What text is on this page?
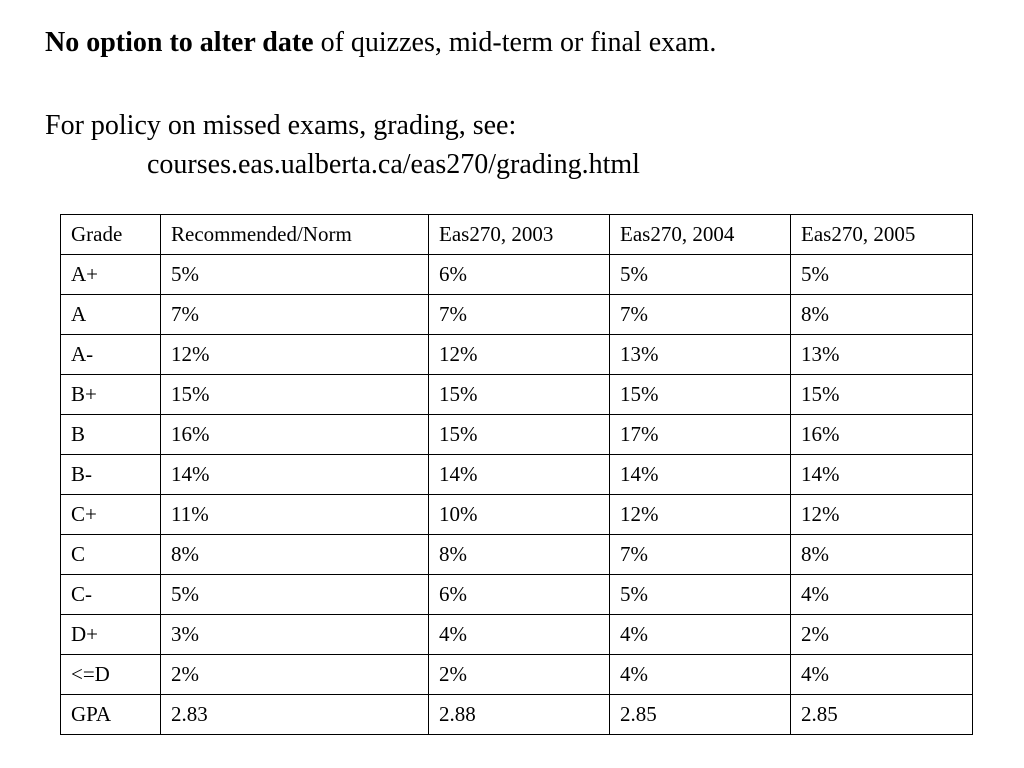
No option to alter date of quizzes, mid-term or final exam.
For policy on missed exams, grading, see:
courses.eas.ualberta.ca/eas270/grading.html
Grade	Recommended/Norm	Eas270, 2003	Eas270, 2004	Eas270, 2005
A+	5%	6%	5%	5%
A	7%	7%	7%	8%
A-	12%	12%	13%	13%
B+	15%	15%	15%	15%
B	16%	15%	17%	16%
B-	14%	14%	14%	14%
C+	11%	10%	12%	12%
C	8%	8%	7%	8%
C-	5%	6%	5%	4%
D+	3%	4%	4%	2%
<=D	2%	2%	4%	4%
GPA	2.83	2.88	2.85	2.85
